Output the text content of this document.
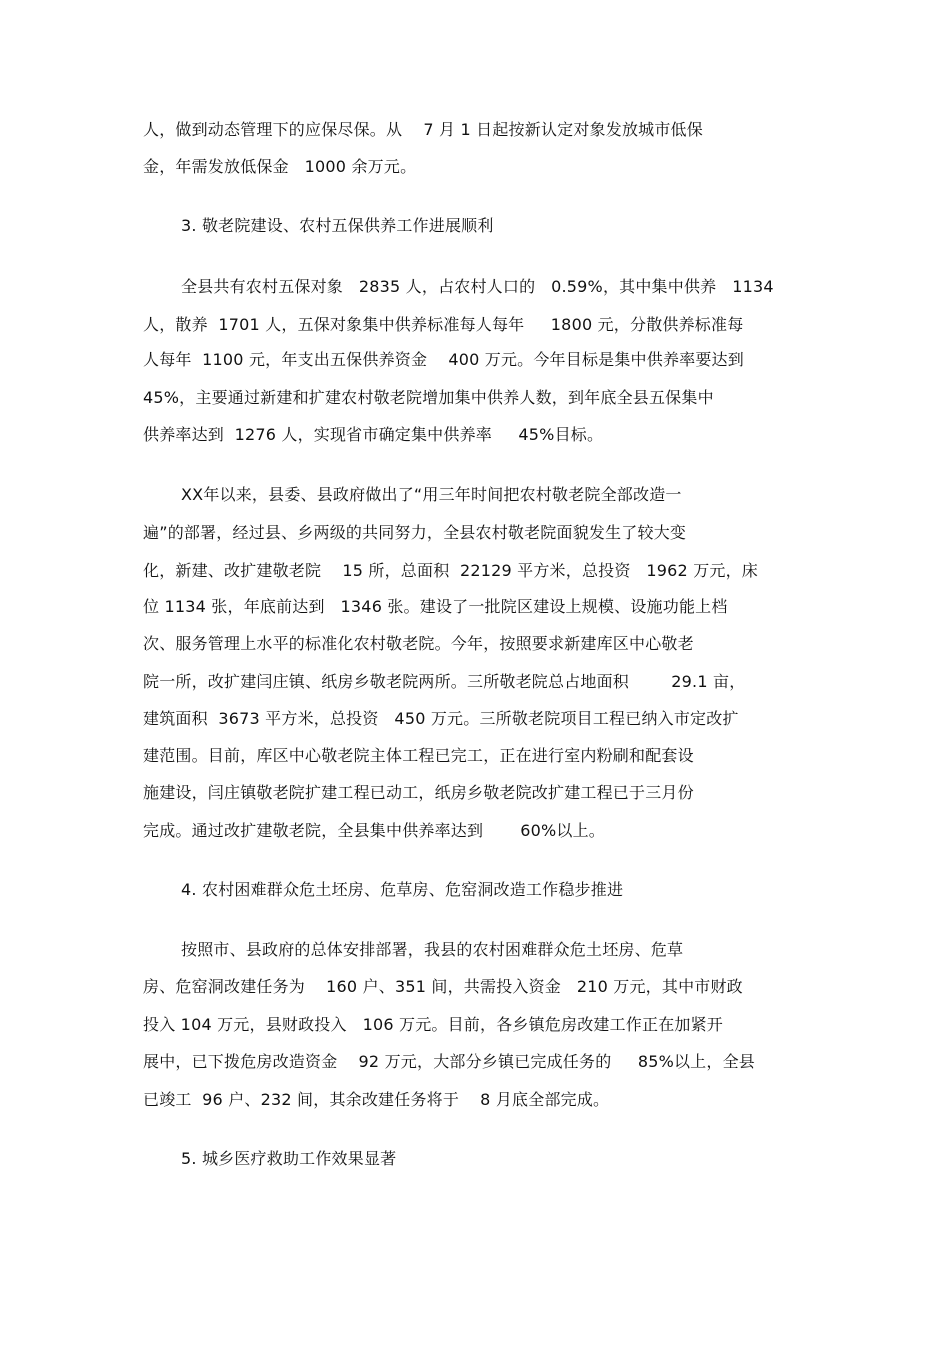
人，做到动态管理下的应保尽保。从    7 月 1 日起按新认定对象发放城市低保
金，年需发放低保金   1000 余万元。
3. 敬老院建设、农村五保供养工作进展顺利
全县共有农村五保对象   2835 人，占农村人口的   0.59%，其中集中供养   1134
人，散养  1701 人，五保对象集中供养标准每人每年     1800 元，分散供养标准每
人每年  1100 元，年支出五保供养资金    400 万元。今年目标是集中供养率要达到
45%，主要通过新建和扩建农村敬老院增加集中供养人数，到年底全县五保集中
供养率达到  1276 人，实现省市确定集中供养率     45%目标。
XX年以来，县委、县政府做出了“用三年时间把农村敬老院全部改造一
遍”的部署，经过县、乡两级的共同努力，全县农村敬老院面貌发生了较大变
化，新建、改扩建敬老院    15 所，总面积  22129 平方米，总投资   1962 万元，床
位 1134 张，年底前达到   1346 张。建设了一批院区建设上规模、设施功能上档
次、服务管理上水平的标准化农村敬老院。今年，按照要求新建库区中心敬老
院一所，改扩建闫庄镇、纸房乡敬老院两所。三所敬老院总占地面积        29.1 亩，
建筑面积  3673 平方米，总投资   450 万元。三所敬老院项目工程已纳入市定改扩
建范围。目前，库区中心敬老院主体工程已完工，正在进行室内粉刷和配套设
施建设，闫庄镇敬老院扩建工程已动工，纸房乡敬老院改扩建工程已于三月份
完成。通过改扩建敬老院，全县集中供养率达到       60%以上。
4. 农村困难群众危土坯房、危草房、危窑洞改造工作稳步推进
按照市、县政府的总体安排部署，我县的农村困难群众危土坯房、危草
房、危窑洞改建任务为    160 户、351 间，共需投入资金   210 万元，其中市财政
投入 104 万元，县财政投入   106 万元。目前，各乡镇危房改建工作正在加紧开
展中，已下拨危房改造资金    92 万元，大部分乡镇已完成任务的     85%以上，全县
已竣工  96 户、232 间，其余改建任务将于    8 月底全部完成。
5. 城乡医疗救助工作效果显著
